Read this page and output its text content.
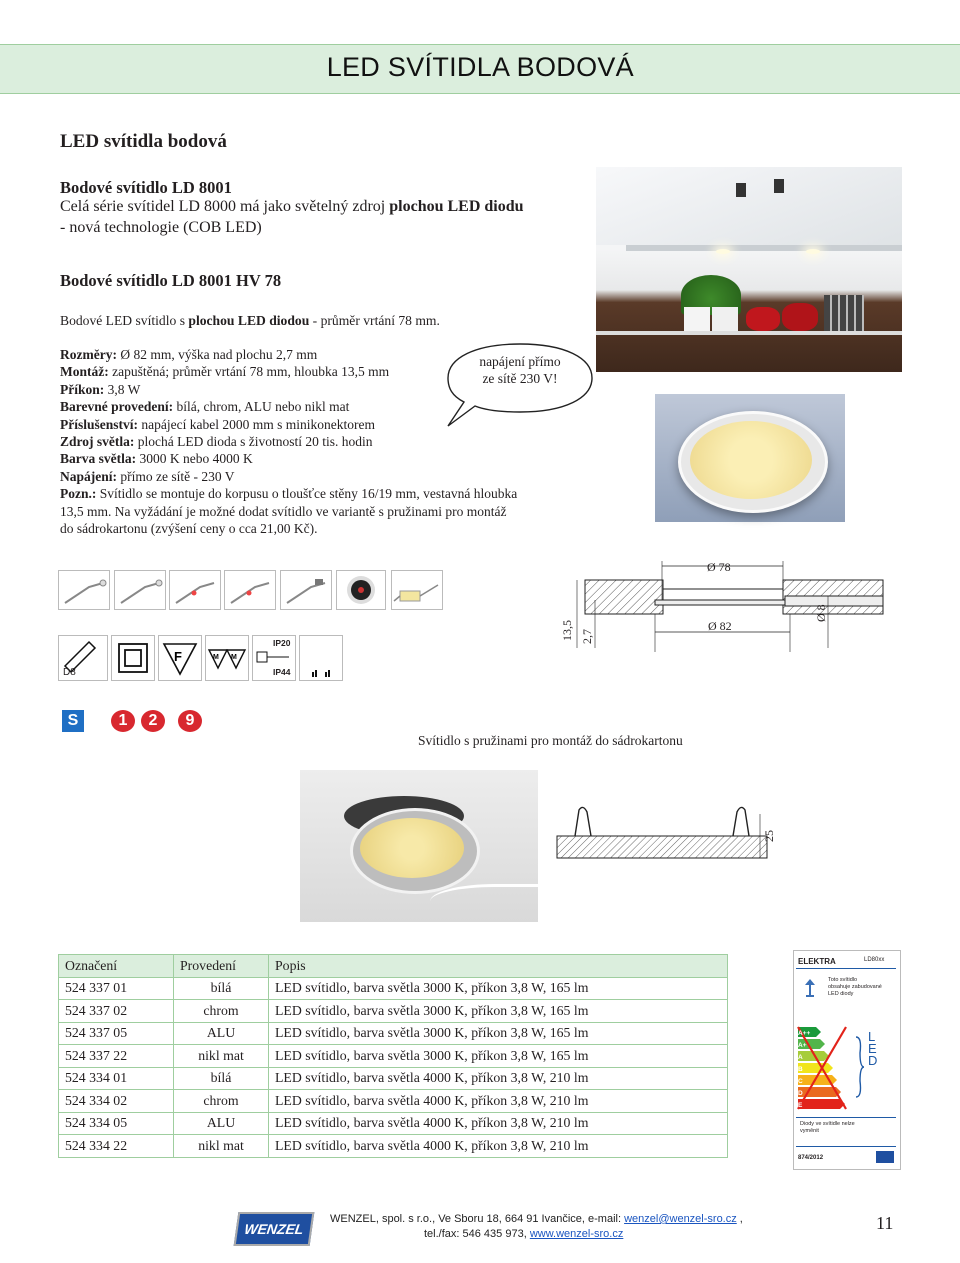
LED SVÍTIDLA BODOVÁ
LED svítidla bodová
Bodové svítidlo LD 8001
Celá série svítidel LD 8000 má jako světelný zdroj plochou LED diodu
- nová technologie (COB LED)
Bodové svítidlo LD 8001 HV 78
Bodové LED svítidlo s plochou LED diodou - průměr vrtání 78 mm.
Rozměry: Ø 82 mm, výška nad plochu 2,7 mm
Montáž: zapuštěná; průměr vrtání 78 mm, hloubka 13,5 mm
Příkon: 3,8 W
Barevné provedení: bílá, chrom, ALU nebo nikl mat
Příslušenství: napájecí kabel 2000 mm s minikonektorem
Zdroj světla: plochá LED dioda s životností 20 tis. hodin
Barva světla: 3000 K nebo 4000 K
Napájení: přímo ze sítě - 230 V
Pozn.: Svítidlo se montuje do korpusu o tloušťce stěny 16/19 mm, vestavná hloubka
13,5 mm. Na vyžádání je možné dodat svítidlo ve variantě s pružinami pro montáž
do sádrokartonu (zvýšení ceny o cca 21,00 Kč).
napájení přímo
ze sítě 230 V!
D8
F	M M
IP20
IP44
S	1	2	9
Ø 78
Ø 82
Ø 8
13,5 2,7
Svítidlo s pružinami pro montáž do sádrokartonu
25
Označení	Provedení	Popis
524 337 01	bílá	LED svítidlo, barva světla 3000 K, příkon 3,8 W, 165 lm
524 337 02	chrom	LED svítidlo, barva světla 3000 K, příkon 3,8 W, 165 lm
524 337 05	ALU	LED svítidlo, barva světla 3000 K, příkon 3,8 W, 165 lm
524 337 22	nikl mat	LED svítidlo, barva světla 3000 K, příkon 3,8 W, 165 lm
524 334 01	bílá	LED svítidlo, barva světla 4000 K, příkon 3,8 W, 210 lm
524 334 02	chrom	LED svítidlo, barva světla 4000 K, příkon 3,8 W, 210 lm
524 334 05	ALU	LED svítidlo, barva světla 4000 K, příkon 3,8 W, 210 lm
524 334 22	nikl mat	LED svítidlo, barva světla 4000 K, příkon 3,8 W, 210 lm
ELEKTRA	LD80xx
Toto svítidlo
obsahuje zabudované
LED diody
A++
A+
A
B
C
D
E
L
E
D
Diody ve svítidle nelze
vyměnit
874/2012
WENZEL
WENZEL, spol. s r.o., Ve Sboru 18, 664 91 Ivančice, e-mail: wenzel@wenzel-sro.cz ,
tel./fax: 546 435 973, www.wenzel-sro.cz
11
